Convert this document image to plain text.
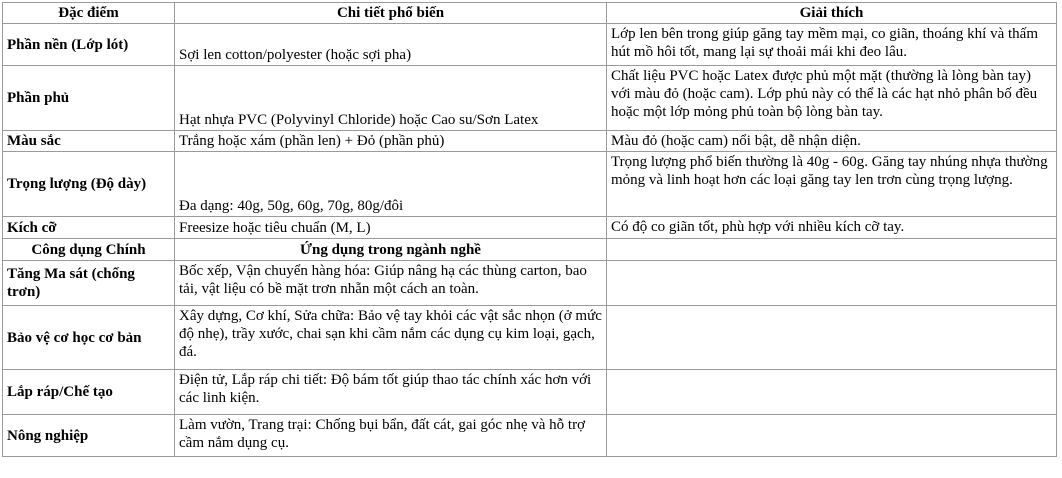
Đặc điểm	Chi tiết phổ biến	Giải thích
Phần nền (Lớp lót)	Sợi len cotton/polyester (hoặc sợi pha)	Lớp len bên trong giúp găng tay mềm mại, co giãn, thoáng khí và thấm hút mồ hôi tốt, mang lại sự thoải mái khi đeo lâu.
Phần phủ	Hạt nhựa PVC (Polyvinyl Chloride) hoặc Cao su/Sơn Latex	Chất liệu PVC hoặc Latex được phủ một mặt (thường là lòng bàn tay) với màu đỏ (hoặc cam). Lớp phủ này có thể là các hạt nhỏ phân bố đều hoặc một lớp mỏng phủ toàn bộ lòng bàn tay.
Màu sắc	Trắng hoặc xám (phần len) + Đỏ (phần phủ)	Màu đỏ (hoặc cam) nổi bật, dễ nhận diện.
Trọng lượng (Độ dày)	Đa dạng: 40g, 50g, 60g, 70g, 80g/đôi	Trọng lượng phổ biến thường là 40g - 60g. Găng tay nhúng nhựa thường mỏng và linh hoạt hơn các loại găng tay len trơn cùng trọng lượng.
Kích cỡ	Freesize hoặc tiêu chuẩn (M, L)	Có độ co giãn tốt, phù hợp với nhiều kích cỡ tay.
Công dụng Chính	Ứng dụng trong ngành nghề	
Tăng Ma sát (chống trơn)	Bốc xếp, Vận chuyển hàng hóa: Giúp nâng hạ các thùng carton, bao tải, vật liệu có bề mặt trơn nhẵn một cách an toàn.	
Bảo vệ cơ học cơ bản	Xây dựng, Cơ khí, Sửa chữa: Bảo vệ tay khỏi các vật sắc nhọn (ở mức độ nhẹ), trầy xước, chai sạn khi cầm nắm các dụng cụ kim loại, gạch, đá.	
Lắp ráp/Chế tạo	Điện tử, Lắp ráp chi tiết: Độ bám tốt giúp thao tác chính xác hơn với các linh kiện.	
Nông nghiệp	Làm vườn, Trang trại: Chống bụi bẩn, đất cát, gai góc nhẹ và hỗ trợ cầm nắm dụng cụ.	
